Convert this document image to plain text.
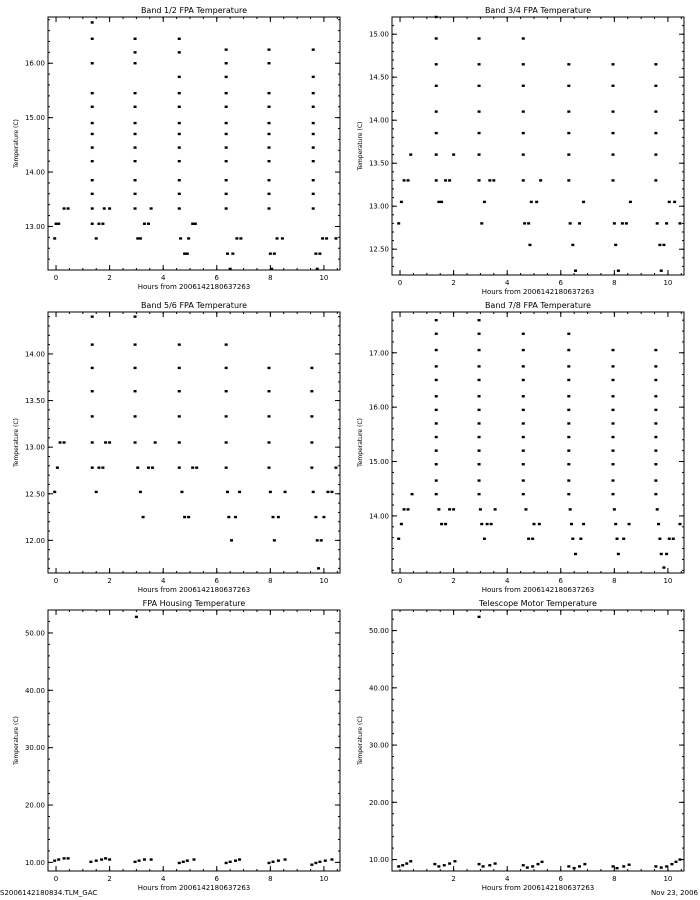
Band 1/2 FPA Temperature
Hours from 2006142180637263
Temperature (C)
0	2	4	6	8	10
13.00
14.00
15.00
16.00
Band 3/4 FPA Temperature
Hours from 2006142180637263
Temperature (C)
0	2	4	6	8	10
12.50
13.00
13.50
14.00
14.50
15.00
Band 5/6 FPA Temperature
Hours from 2006142180637263
Temperature (C)
0	2	4	6	8	10
12.00
12.50
13.00
13.50
14.00
Band 7/8 FPA Temperature
Hours from 2006142180637263
Temperature (C)
0	2	4	6	8	10
14.00
15.00
16.00
17.00
FPA Housing Temperature
Hours from 2006142180637263
Temperature (C)
0	2	4	6	8	10
10.00
20.00
30.00
40.00
50.00
Telescope Motor Temperature
Hours from 2006142180637263
Temperature (C)
2	4	6	8	10
10.00
20.00
30.00
40.00
50.00
S2006142180834.TLM_GAC	Nov 23, 2006
